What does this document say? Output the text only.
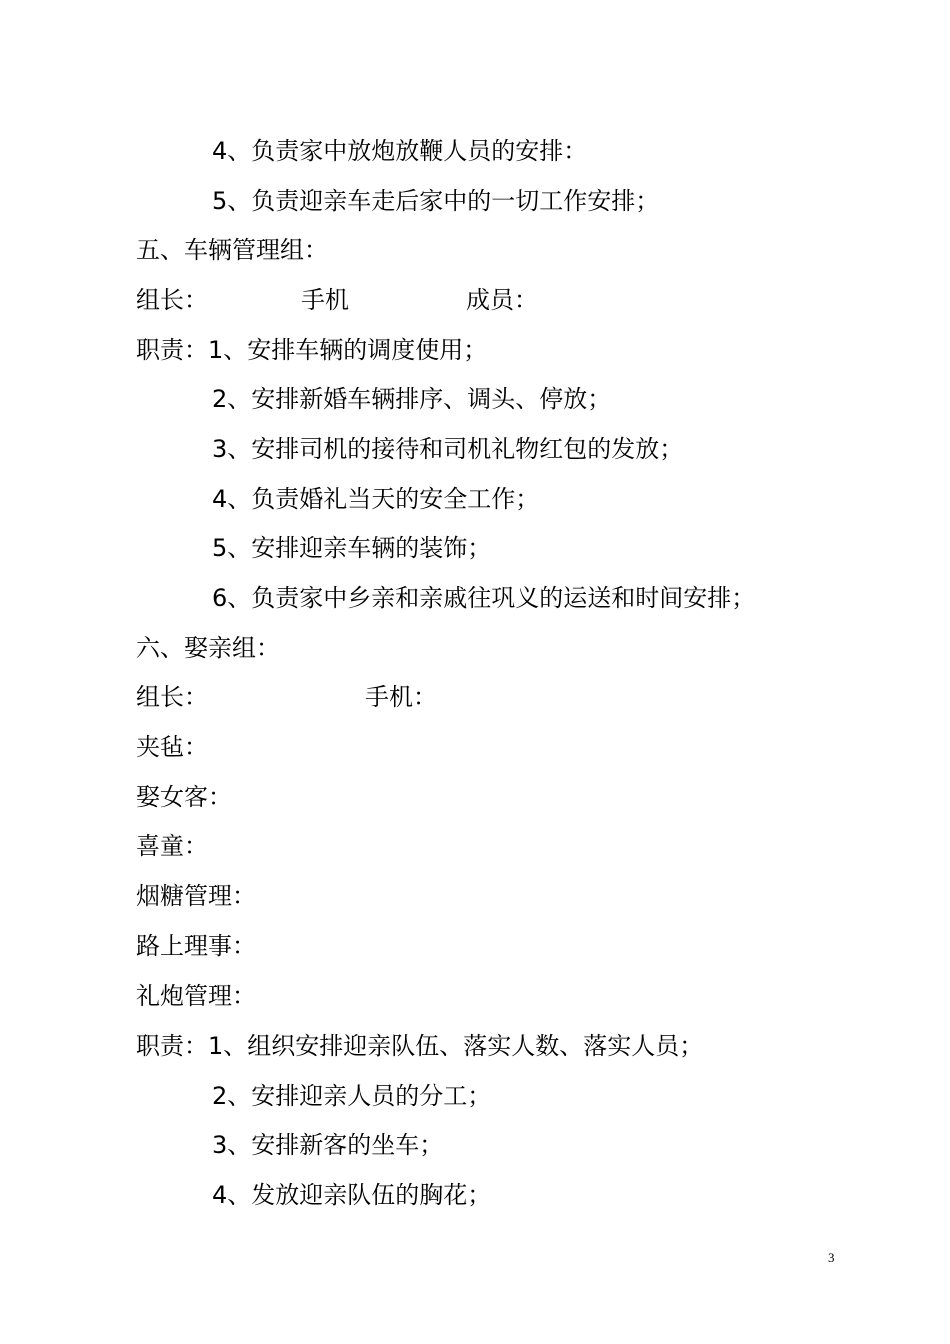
4、负责家中放炮放鞭人员的安排：
5、负责迎亲车走后家中的一切工作安排；
五、车辆管理组：
组长：	手机	成员：
职责：1、安排车辆的调度使用；
2、安排新婚车辆排序、调头、停放；
3、安排司机的接待和司机礼物红包的发放；
4、负责婚礼当天的安全工作；
5、安排迎亲车辆的装饰；
6、负责家中乡亲和亲戚往巩义的运送和时间安排；
六、娶亲组：
组长：	手机：
夹毡：
娶女客：
喜童：
烟糖管理：
路上理事：
礼炮管理：
职责：1、组织安排迎亲队伍、落实人数、落实人员；
2、安排迎亲人员的分工；
3、安排新客的坐车；
4、发放迎亲队伍的胸花；
3
